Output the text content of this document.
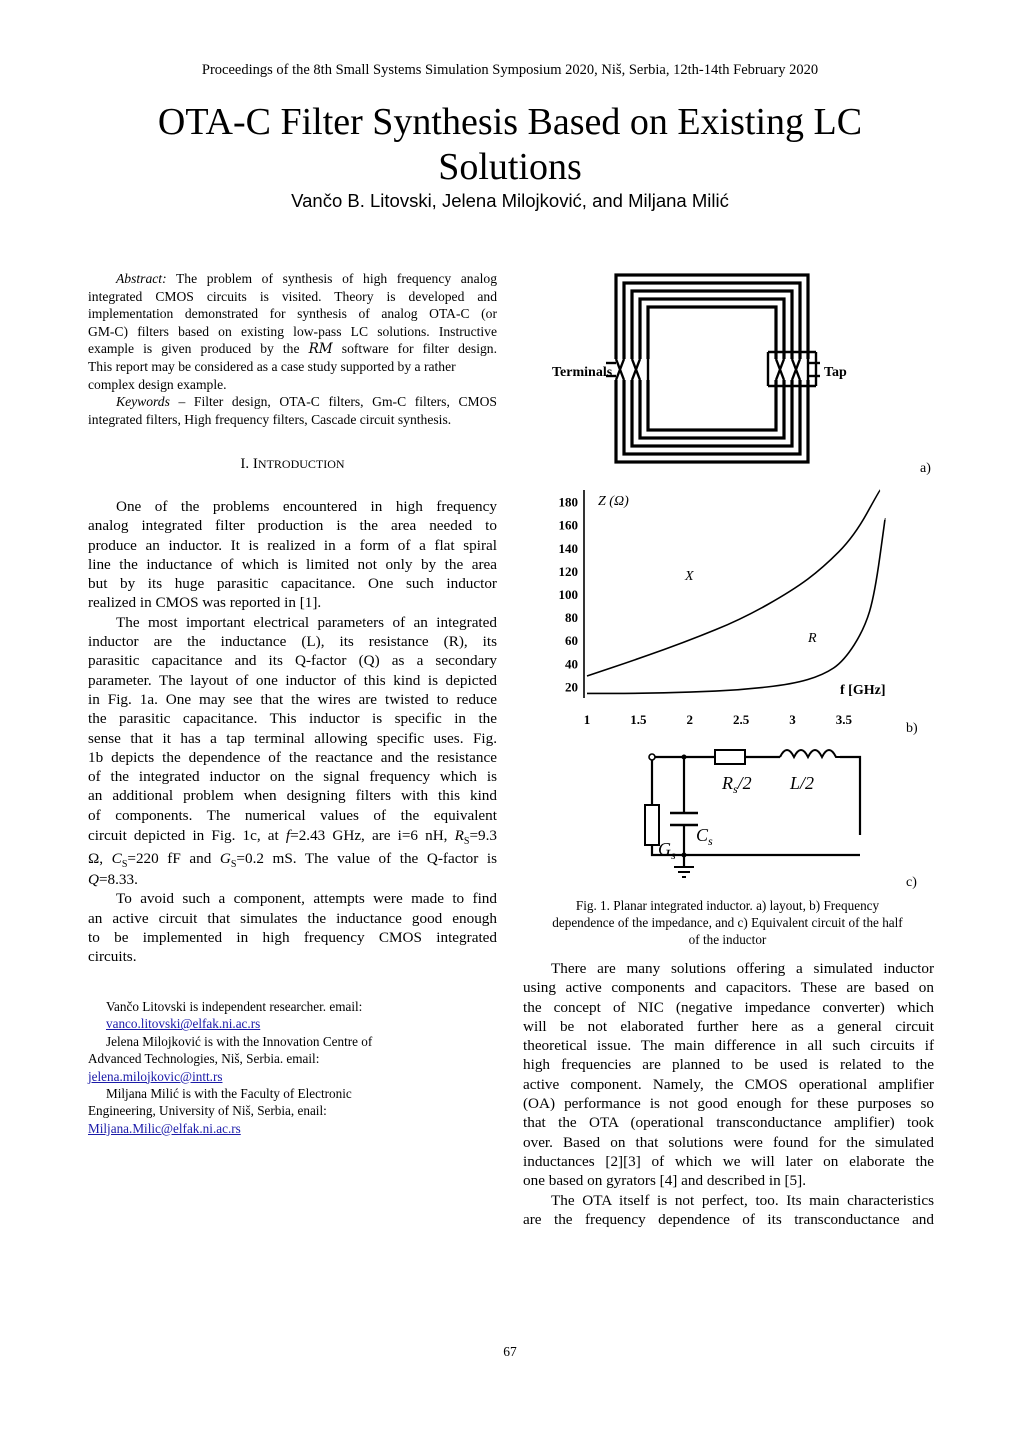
Proceedings of the 8th Small Systems Simulation Symposium 2020, Niš, Serbia, 12th-14th February 2020
OTA-C Filter Synthesis Based on Existing LC
Solutions
Vančo B. Litovski, Jelena Milojković, and Miljana Milić
Abstract: The problem of synthesis of high frequency analog
integrated CMOS circuits is visited. Theory is developed and
implementation demonstrated for synthesis of analog OTA-C (or
GM-C) filters based on existing low-pass LC solutions. Instructive
example is given produced by the RM software for filter design.
This report may be considered as a case study supported by a rather
complex design example.
Keywords – Filter design, OTA-C filters, Gm-C filters, CMOS
integrated filters, High frequency filters, Cascade circuit synthesis.
I. INTRODUCTION
One of the problems encountered in high frequency
analog integrated filter production is the area needed to
produce an inductor. It is realized in a form of a flat spiral
line the inductance of which is limited not only by the area
but by its huge parasitic capacitance. One such inductor
realized in CMOS was reported in [1].
The most important electrical parameters of an integrated
inductor are the inductance (L), its resistance (R), its
parasitic capacitance and its Q-factor (Q) as a secondary
parameter. The layout of one inductor of this kind is depicted
in Fig. 1a. One may see that the wires are twisted to reduce
the parasitic capacitance. This inductor is specific in the
sense that it has a tap terminal allowing specific uses. Fig.
1b depicts the dependence of the reactance and the resistance
of the integrated inductor on the signal frequency which is
an additional problem when designing filters with this kind
of components. The numerical values of the equivalent
circuit depicted in Fig. 1c, at f=2.43 GHz, are i=6 nH, $R_S=9.3$
Ω, $C_S=220$ fF and $G_S=0.2$ mS. The value of the Q-factor is
Q=8.33.
To avoid such a component, attempts were made to find
an active circuit that simulates the inductance good enough
to be implemented in high frequency CMOS integrated
circuits.
Vančo Litovski is independent researcher. email:
vanco.litovski@elfak.ni.ac.rs
Jelena Milojković is with the Innovation Centre of
Advanced Technologies, Niš, Serbia. email:
jelena.milojkovic@intt.rs
Miljana Milić is with the Faculty of Electronic
Engineering, University of Niš, Serbia, enail:
Miljana.Milic@elfak.ni.ac.rs
Terminals	Tap
a)
20
40
60
80
100
120
140
160
180
1	1.5	2	2.5	3	3.5
Z (Ω)
f [GHz]
X
R
b)
$R_s/2$ L/2
$G_s$
$C_s$
c)
Fig. 1. Planar integrated inductor. a) layout, b) Frequency
dependence of the impedance, and c) Equivalent circuit of the half
of the inductor
There are many solutions offering a simulated inductor
using active components and capacitors. These are based on
the concept of NIC (negative impedance converter) which
will be not elaborated further here as a general circuit
theoretical issue. The main difference in all such circuits if
high frequencies are planned to be used is related to the
active component. Namely, the CMOS operational amplifier
(OA) performance is not good enough for these purposes so
that the OTA (operational transconductance amplifier) took
over. Based on that solutions were found for the simulated
inductances [2][3] of which we will later on elaborate the
one based on gyrators [4] and described in [5].
The OTA itself is not perfect, too. Its main characteristics
are the frequency dependence of its transconductance and
67
